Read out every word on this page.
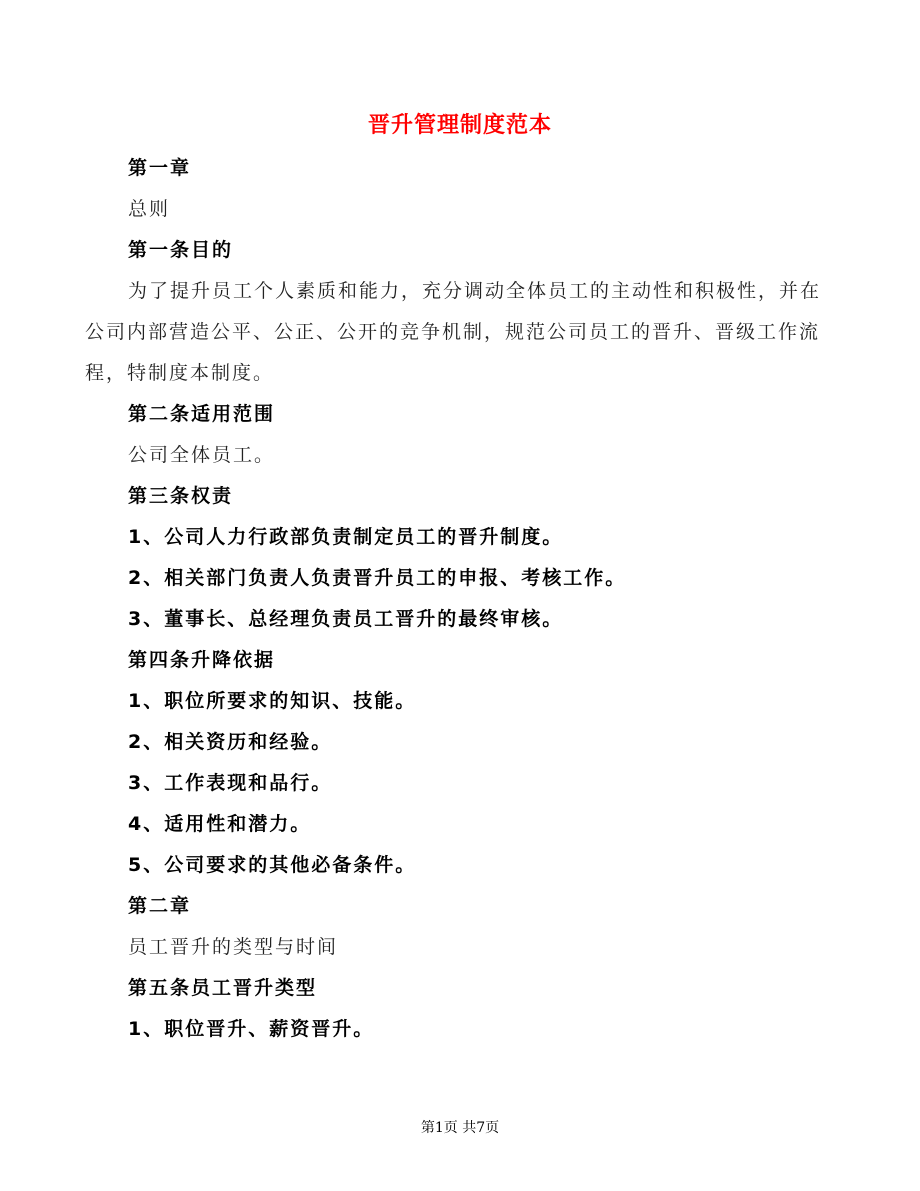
晋升管理制度范本
第一章
总则
第一条目的
为了提升员工个人素质和能力，充分调动全体员工的主动性和积极性，并在
公司内部营造公平、公正、公开的竞争机制，规范公司员工的晋升、晋级工作流
程，特制度本制度。
第二条适用范围
公司全体员工。
第三条权责
1、公司人力行政部负责制定员工的晋升制度。
2、相关部门负责人负责晋升员工的申报、考核工作。
3、董事长、总经理负责员工晋升的最终审核。
第四条升降依据
1、职位所要求的知识、技能。
2、相关资历和经验。
3、工作表现和品行。
4、适用性和潜力。
5、公司要求的其他必备条件。
第二章
员工晋升的类型与时间
第五条员工晋升类型
1、职位晋升、薪资晋升。
第1页 共7页
